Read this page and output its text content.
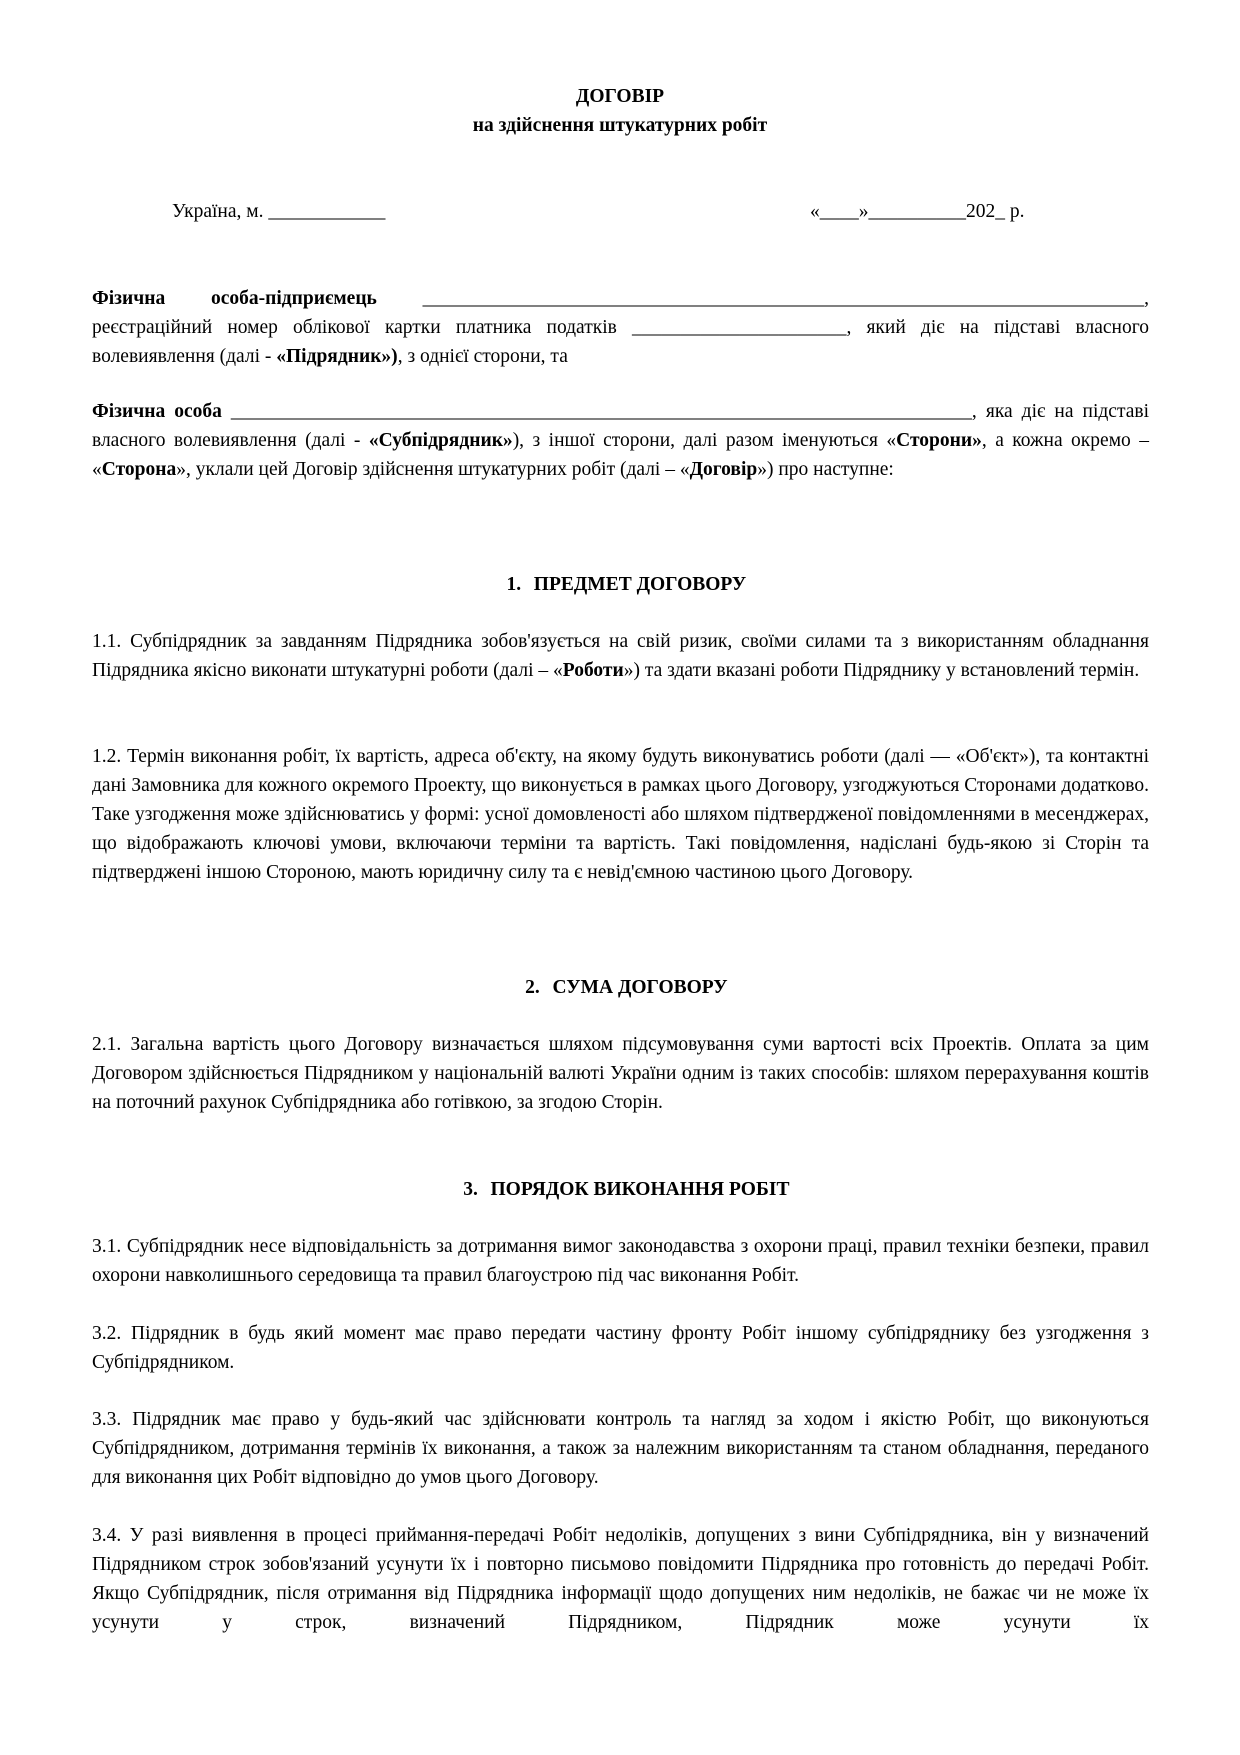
ДОГОВІР
на здійснення штукатурних робіт
Україна, м. ____________	«____»__________202_ р.
Фізична особа-підприємець __________________________________________________________________________, реєстраційний номер облікової картки платника податків ______________________, який діє на підставі власного волевиявлення (далі - «Підрядник»), з однієї сторони, та
Фізична особа ____________________________________________________________________________, яка діє на підставі власного волевиявлення (далі - «Субпідрядник»), з іншої сторони, далі разом іменуються «Сторони», а кожна окремо – «Сторона», уклали цей Договір здійснення штукатурних робіт (далі – «Договір») про наступне:
1. ПРЕДМЕТ ДОГОВОРУ
1.1. Субпідрядник за завданням Підрядника зобов'язується на свій ризик, своїми силами та з використанням обладнання Підрядника якісно виконати штукатурні роботи (далі – «Роботи») та здати вказані роботи Підряднику у встановлений термін.
1.2. Термін виконання робіт, їх вартість, адреса об'єкту, на якому будуть виконуватись роботи (далі — «Об'єкт»), та контактні дані Замовника для кожного окремого Проекту, що виконується в рамках цього Договору, узгоджуються Сторонами додатково. Таке узгодження може здійснюватись у формі: усної домовленості або шляхом підтвердженої повідомленнями в месенджерах, що відображають ключові умови, включаючи терміни та вартість. Такі повідомлення, надіслані будь-якою зі Сторін та підтверджені іншою Стороною, мають юридичну силу та є невід'ємною частиною цього Договору.
2. СУМА ДОГОВОРУ
2.1. Загальна вартість цього Договору визначається шляхом підсумовування суми вартості всіх Проектів. Оплата за цим Договором здійснюється Підрядником у національній валюті України одним із таких способів: шляхом перерахування коштів на поточний рахунок Субпідрядника або готівкою, за згодою Сторін.
3. ПОРЯДОК ВИКОНАННЯ РОБІТ
3.1. Субпідрядник несе відповідальність за дотримання вимог законодавства з охорони праці, правил техніки безпеки, правил охорони навколишнього середовища та правил благоустрою під час виконання Робіт.
3.2. Підрядник в будь який момент має право передати частину фронту Робіт іншому субпідряднику без узгодження з Субпідрядником.
3.3. Підрядник має право у будь-який час здійснювати контроль та нагляд за ходом і якістю Робіт, що виконуються Субпідрядником, дотримання термінів їх виконання, а також за належним використанням та станом обладнання, переданого для виконання цих Робіт відповідно до умов цього Договору.
3.4. У разі виявлення в процесі приймання-передачі Робіт недоліків, допущених з вини Субпідрядника, він у визначений Підрядником строк зобов'язаний усунути їх і повторно письмово повідомити Підрядника про готовність до передачі Робіт. Якщо Субпідрядник, після отримання від Підрядника інформації щодо допущених ним недоліків, не бажає чи не може їх усунути у строк, визначений Підрядником, Підрядник може усунути їх
